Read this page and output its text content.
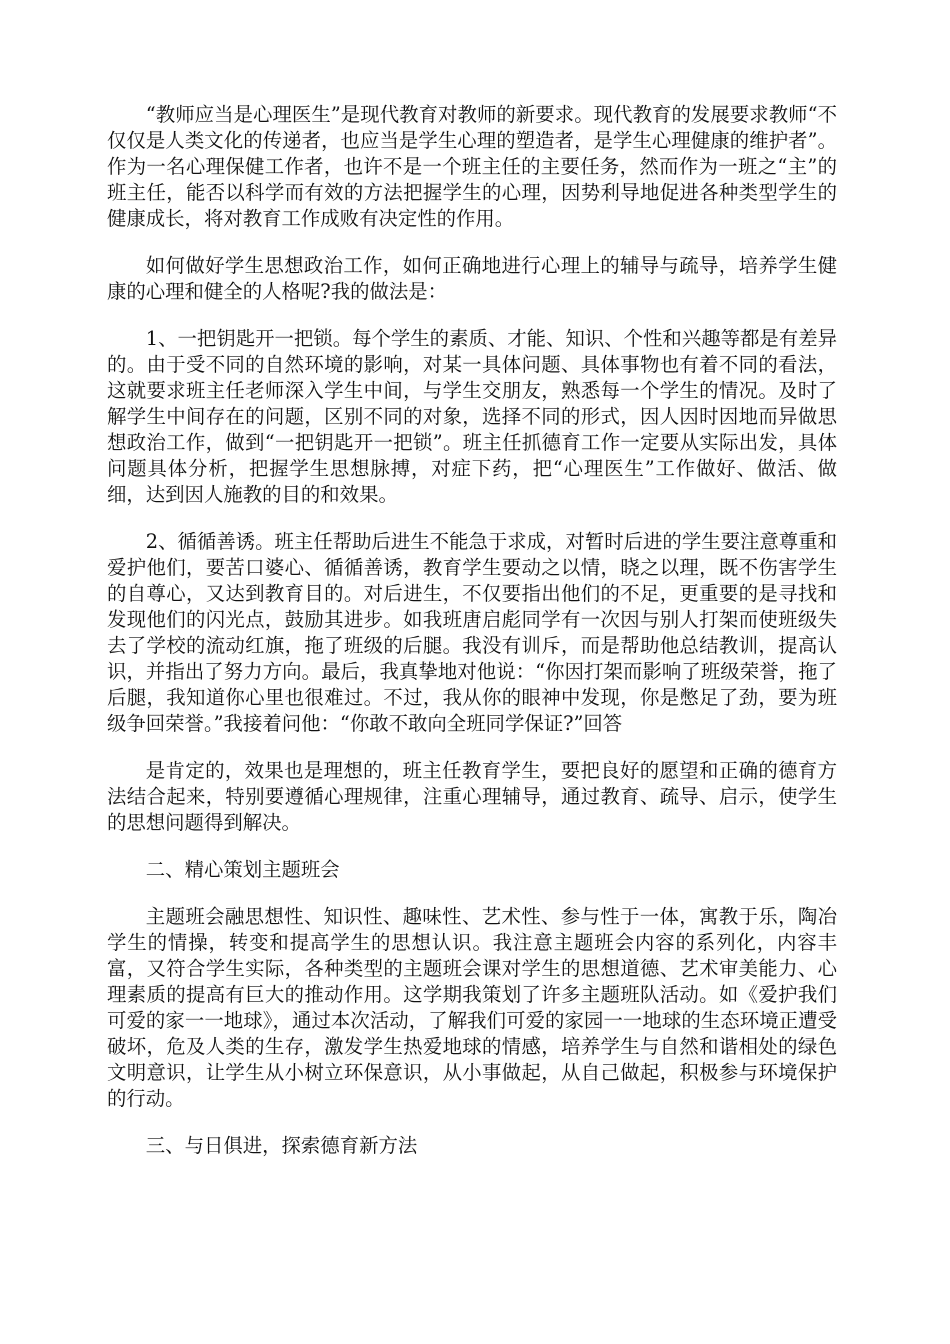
“教师应当是心理医生”是现代教育对教师的新要求。现代教育的发展要求教师“不仅仅是人类文化的传递者，也应当是学生心理的塑造者，是学生心理健康的维护者”。作为一名心理保健工作者，也许不是一个班主任的主要任务，然而作为一班之“主”的班主任，能否以科学而有效的方法把握学生的心理，因势利导地促进各种类型学生的健康成长，将对教育工作成败有决定性的作用。

如何做好学生思想政治工作，如何正确地进行心理上的辅导与疏导，培养学生健康的心理和健全的人格呢?我的做法是：

1、一把钥匙开一把锁。每个学生的素质、才能、知识、个性和兴趣等都是有差异的。由于受不同的自然环境的影响，对某一具体问题、具体事物也有着不同的看法，这就要求班主任老师深入学生中间，与学生交朋友，熟悉每一个学生的情况。及时了解学生中间存在的问题，区别不同的对象，选择不同的形式，因人因时因地而异做思想政治工作，做到“一把钥匙开一把锁”。班主任抓德育工作一定要从实际出发，具体问题具体分析，把握学生思想脉搏，对症下药，把“心理医生”工作做好、做活、做细，达到因人施教的目的和效果。

2、循循善诱。班主任帮助后进生不能急于求成，对暂时后进的学生要注意尊重和爱护他们，要苦口婆心、循循善诱，教育学生要动之以情，晓之以理，既不伤害学生的自尊心，又达到教育目的。对后进生，不仅要指出他们的不足，更重要的是寻找和发现他们的闪光点，鼓励其进步。如我班唐启彪同学有一次因与别人打架而使班级失去了学校的流动红旗，拖了班级的后腿。我没有训斥，而是帮助他总结教训，提高认识，并指出了努力方向。最后，我真挚地对他说：“你因打架而影响了班级荣誉，拖了后腿，我知道你心里也很难过。不过，我从你的眼神中发现，你是憋足了劲，要为班级争回荣誉。”我接着问他：“你敢不敢向全班同学保证?”回答

是肯定的，效果也是理想的，班主任教育学生，要把良好的愿望和正确的德育方法结合起来，特别要遵循心理规律，注重心理辅导，通过教育、疏导、启示，使学生的思想问题得到解决。

二、精心策划主题班会

主题班会融思想性、知识性、趣味性、艺术性、参与性于一体，寓教于乐，陶冶学生的情操，转变和提高学生的思想认识。我注意主题班会内容的系列化，内容丰富，又符合学生实际，各种类型的主题班会课对学生的思想道德、艺术审美能力、心理素质的提高有巨大的推动作用。这学期我策划了许多主题班队活动。如《爱护我们可爱的家一一地球》，通过本次活动，了解我们可爱的家园一一地球的生态环境正遭受破坏，危及人类的生存，激发学生热爱地球的情感，培养学生与自然和谐相处的绿色文明意识，让学生从小树立环保意识，从小事做起，从自己做起，积极参与环境保护的行动。

三、与日俱进，探索德育新方法
